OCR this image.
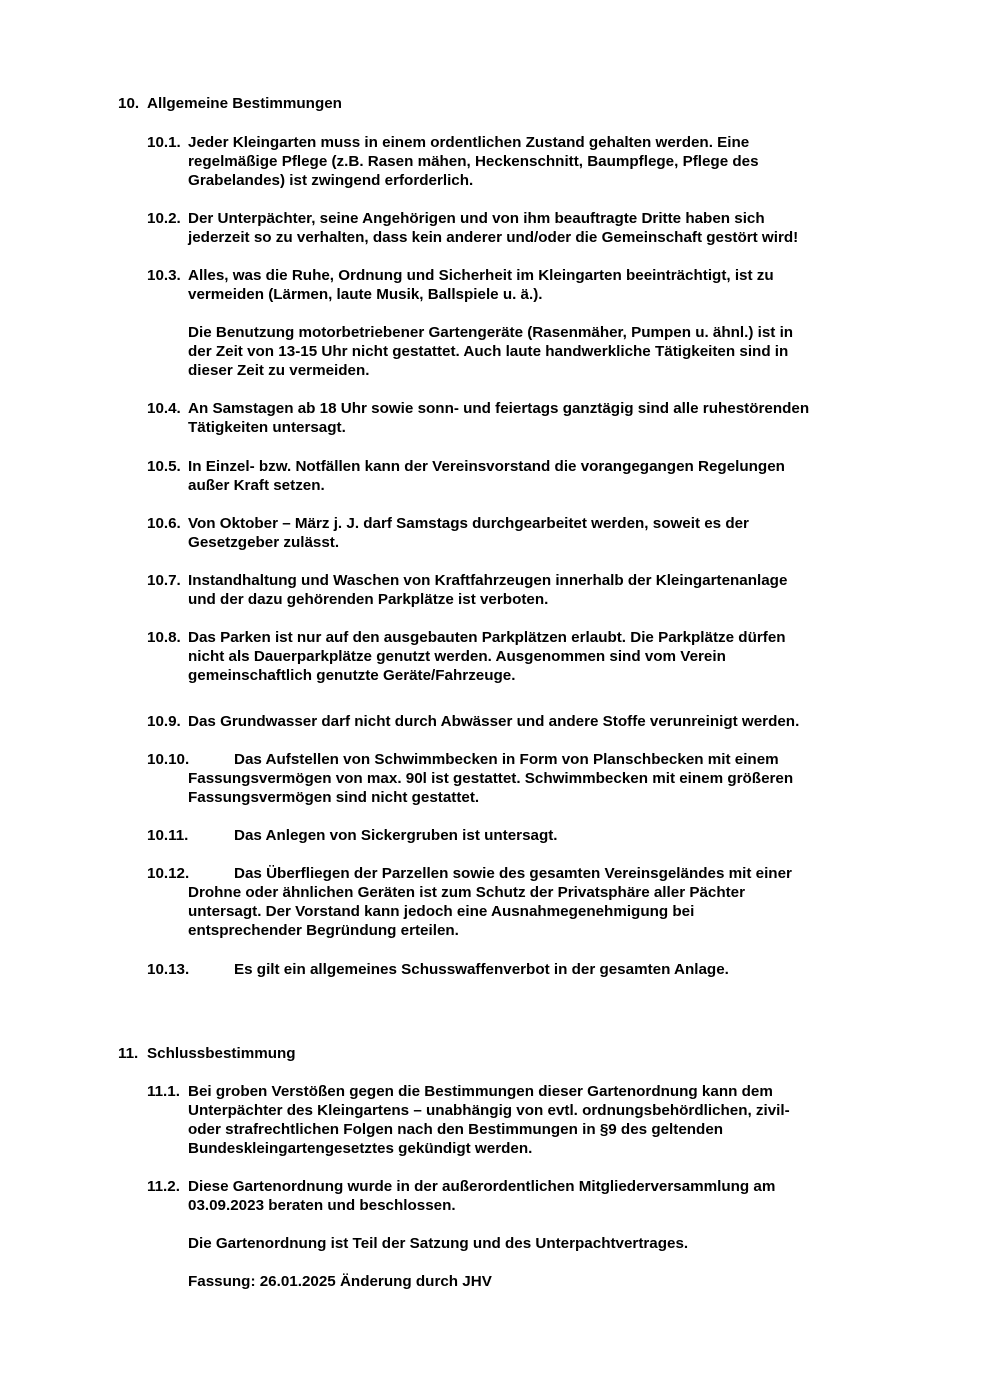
10. Allgemeine Bestimmungen
10.1. Jeder Kleingarten muss in einem ordentlichen Zustand gehalten werden. Eine
regelmäßige Pflege (z.B. Rasen mähen, Heckenschnitt, Baumpflege, Pflege des
Grabelandes) ist zwingend erforderlich.

10.2. Der Unterpächter, seine Angehörigen und von ihm beauftragte Dritte haben sich
jederzeit so zu verhalten, dass kein anderer und/oder die Gemeinschaft gestört wird!

10.3. Alles, was die Ruhe, Ordnung und Sicherheit im Kleingarten beeinträchtigt, ist zu
vermeiden (Lärmen, laute Musik, Ballspiele u. ä.).

Die Benutzung motorbetriebener Gartengeräte (Rasenmäher, Pumpen u. ähnl.) ist in
der Zeit von 13-15 Uhr nicht gestattet. Auch laute handwerkliche Tätigkeiten sind in
dieser Zeit zu vermeiden.

10.4. An Samstagen ab 18 Uhr sowie sonn- und feiertags ganztägig sind alle ruhestörenden
Tätigkeiten untersagt.

10.5. In Einzel- bzw. Notfällen kann der Vereinsvorstand die vorangegangen Regelungen
außer Kraft setzen.

10.6. Von Oktober – März j. J. darf Samstags durchgearbeitet werden, soweit es der
Gesetzgeber zulässt.

10.7. Instandhaltung und Waschen von Kraftfahrzeugen innerhalb der Kleingartenanlage
und der dazu gehörenden Parkplätze ist verboten.

10.8. Das Parken ist nur auf den ausgebauten Parkplätzen erlaubt. Die Parkplätze dürfen
nicht als Dauerparkplätze genutzt werden. Ausgenommen sind vom Verein
gemeinschaftlich genutzte Geräte/Fahrzeuge.

10.9. Das Grundwasser darf nicht durch Abwässer und andere Stoffe verunreinigt werden.

10.10.	Das Aufstellen von Schwimmbecken in Form von Planschbecken mit einem

Fassungsvermögen von max. 90l ist gestattet. Schwimmbecken mit einem größeren
Fassungsvermögen sind nicht gestattet.

10.11.	Das Anlegen von Sickergruben ist untersagt.
10.12.	Das Überfliegen der Parzellen sowie des gesamten Vereinsgeländes mit einer

Drohne oder ähnlichen Geräten ist zum Schutz der Privatsphäre aller Pächter
untersagt. Der Vorstand kann jedoch eine Ausnahmegenehmigung bei
entsprechender Begründung erteilen.

10.13.	Es gilt ein allgemeines Schusswaffenverbot in der gesamten Anlage.
11. Schlussbestimmung
11.1. Bei groben Verstößen gegen die Bestimmungen dieser Gartenordnung kann dem
Unterpächter des Kleingartens – unabhängig von evtl. ordnungsbehördlichen, zivil-
oder strafrechtlichen Folgen nach den Bestimmungen in §9 des geltenden
Bundeskleingartengesetztes gekündigt werden.

11.2. Diese Gartenordnung wurde in der außerordentlichen Mitgliederversammlung am
03.09.2023 beraten und beschlossen.

Die Gartenordnung ist Teil der Satzung und des Unterpachtvertrages.

Fassung: 26.01.2025 Änderung durch JHV
